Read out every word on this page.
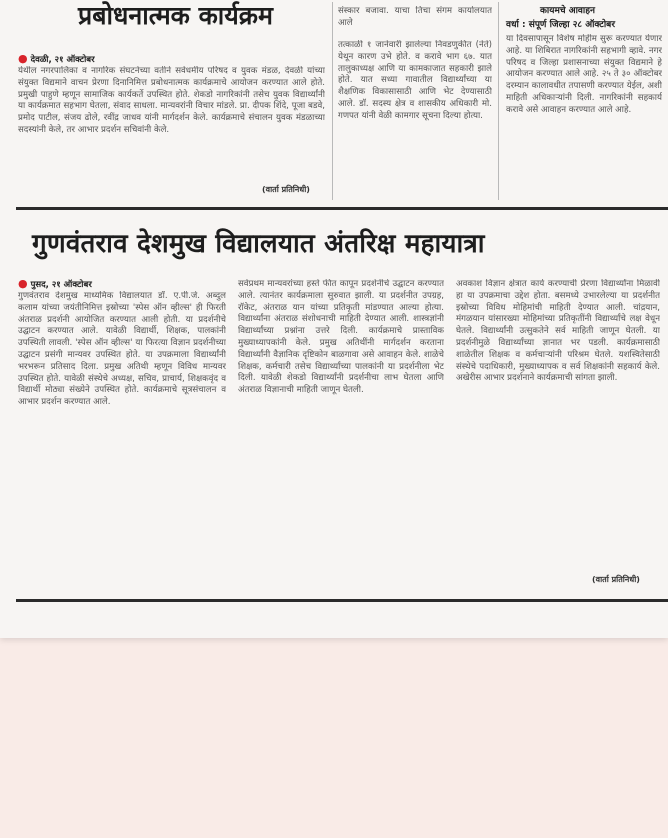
प्रबोधनात्मक कार्यक्रम
● देवळी, २१ ऑक्टोबर
येथील नगरपालिका व नागरिक संघटनेच्या वतीने सर्वधर्मीय परिषद व युवक मंडळ, देवळी यांच्या संयुक्त विद्यमाने वाचन प्रेरणा दिनानिमित्त प्रबोधनात्मक कार्यक्रमाचे आयोजन करण्यात आले होते. प्रमुखी पाहुणे म्हणून सामाजिक कार्यकर्ते उपस्थित होते. शेकडो नागरिकांनी तसेच युवक विद्यार्थ्यांनी या कार्यक्रमात सहभाग घेतला, संवाद साधला. मान्यवरांनी विचार मांडले. प्रा. दीपक शिंदे, पूजा बडवे, प्रमोद पाटील, संजय ढोले, रवींद्र जाधव यांनी मार्गदर्शन केले. कार्यक्रमाचे संचालन युवक मंडळाच्या सदस्यांनी केले, तर आभार प्रदर्शन सचिवांनी केले.
(वार्ता प्रतिनिधी)
संस्कार बजावा. याचा तिचा संगम कार्यालयात आले
तत्काळी १ जानेवारी झालेल्या निवडणुकीत (नेते) येथून कारण उभे होते. व करावे भाग ६७. यात तालुकाध्यक्ष आणि या कामकाजात सहकारी झाले होते. यात सध्या गावातील विद्यार्थ्यांच्या या शैक्षणिक विकासासाठी आणि भेट देण्यासाठी आले. डॉ. सदस्य क्षेत्र व शासकीय अधिकारी मो. गणपत यांनी वेळी कामगार सूचना दिल्या होत्या.
कायमचे आवाहन
वर्धा : संपूर्ण जिल्हा २८ ऑक्टोबर
या दिवसापासून विशेष मोहीम सुरू करण्यात येणार आहे. या शिबिरात नागरिकांनी सहभागी व्हावे. नगर परिषद व जिल्हा प्रशासनाच्या संयुक्त विद्यमाने हे आयोजन करण्यात आले आहे. २५ ते ३० ऑक्टोबर दरम्यान कालावधीत तपासणी करण्यात येईल, अशी माहिती अधिकाऱ्यांनी दिली. नागरिकांनी सहकार्य करावे असे आवाहन करण्यात आले आहे.
गुणवंतराव देशमुख विद्यालयात अंतरिक्ष महायात्रा
● पुसद, २१ ऑक्टोबर
गुणवंतराव देशमुख माध्यमिक विद्यालयात डॉ. ए.पी.जे. अब्दुल कलाम यांच्या जयंतीनिमित्त इस्रोच्या 'स्पेस ऑन व्हील्स' ही फिरती अंतराळ प्रदर्शनी आयोजित करण्यात आली होती. या प्रदर्शनीचे उद्घाटन करण्यात आले. यावेळी विद्यार्थी, शिक्षक, पालकांनी उपस्थिती लावली. 'स्पेस ऑन व्हील्स' या फिरत्या विज्ञान प्रदर्शनीच्या उद्घाटन प्रसंगी मान्यवर उपस्थित होते. या उपक्रमाला विद्यार्थ्यांनी भरभरून प्रतिसाद दिला. प्रमुख अतिथी म्हणून विविध मान्यवर उपस्थित होते. यावेळी संस्थेचे अध्यक्ष, सचिव, प्राचार्य, शिक्षकवृंद व विद्यार्थी मोठ्या संख्येने उपस्थित होते. कार्यक्रमाचे सूत्रसंचालन व आभार प्रदर्शन करण्यात आले.
सर्वप्रथम मान्यवरांच्या हस्ते फीत कापून प्रदर्शनीचे उद्घाटन करण्यात आले. त्यानंतर कार्यक्रमाला सुरुवात झाली. या प्रदर्शनीत उपग्रह, रॉकेट, अंतराळ यान यांच्या प्रतिकृती मांडण्यात आल्या होत्या. विद्यार्थ्यांना अंतराळ संशोधनाची माहिती देण्यात आली. शास्त्रज्ञांनी विद्यार्थ्यांच्या प्रश्नांना उत्तरे दिली. कार्यक्रमाचे प्रास्ताविक मुख्याध्यापकांनी केले. प्रमुख अतिथींनी मार्गदर्शन करताना विद्यार्थ्यांनी वैज्ञानिक दृष्टिकोन बाळगावा असे आवाहन केले. शाळेचे शिक्षक, कर्मचारी तसेच विद्यार्थ्यांच्या पालकांनी या प्रदर्शनीला भेट दिली. यावेळी शेकडो विद्यार्थ्यांनी प्रदर्शनीचा लाभ घेतला आणि अंतराळ विज्ञानाची माहिती जाणून घेतली.
अवकाश विज्ञान क्षेत्रात कार्य करण्याची प्रेरणा विद्यार्थ्यांना मिळावी हा या उपक्रमाचा उद्देश होता. बसमध्ये उभारलेल्या या प्रदर्शनीत इस्रोच्या विविध मोहिमांची माहिती देण्यात आली. चांद्रयान, मंगळयान यांसारख्या मोहिमांच्या प्रतिकृतींनी विद्यार्थ्यांचे लक्ष वेधून घेतले. विद्यार्थ्यांनी उत्सुकतेने सर्व माहिती जाणून घेतली. या प्रदर्शनीमुळे विद्यार्थ्यांच्या ज्ञानात भर पडली. कार्यक्रमासाठी शाळेतील शिक्षक व कर्मचाऱ्यांनी परिश्रम घेतले. यशस्वितेसाठी संस्थेचे पदाधिकारी, मुख्याध्यापक व सर्व शिक्षकांनी सहकार्य केले. अखेरीस आभार प्रदर्शनाने कार्यक्रमाची सांगता झाली.
(वार्ता प्रतिनिधी)
